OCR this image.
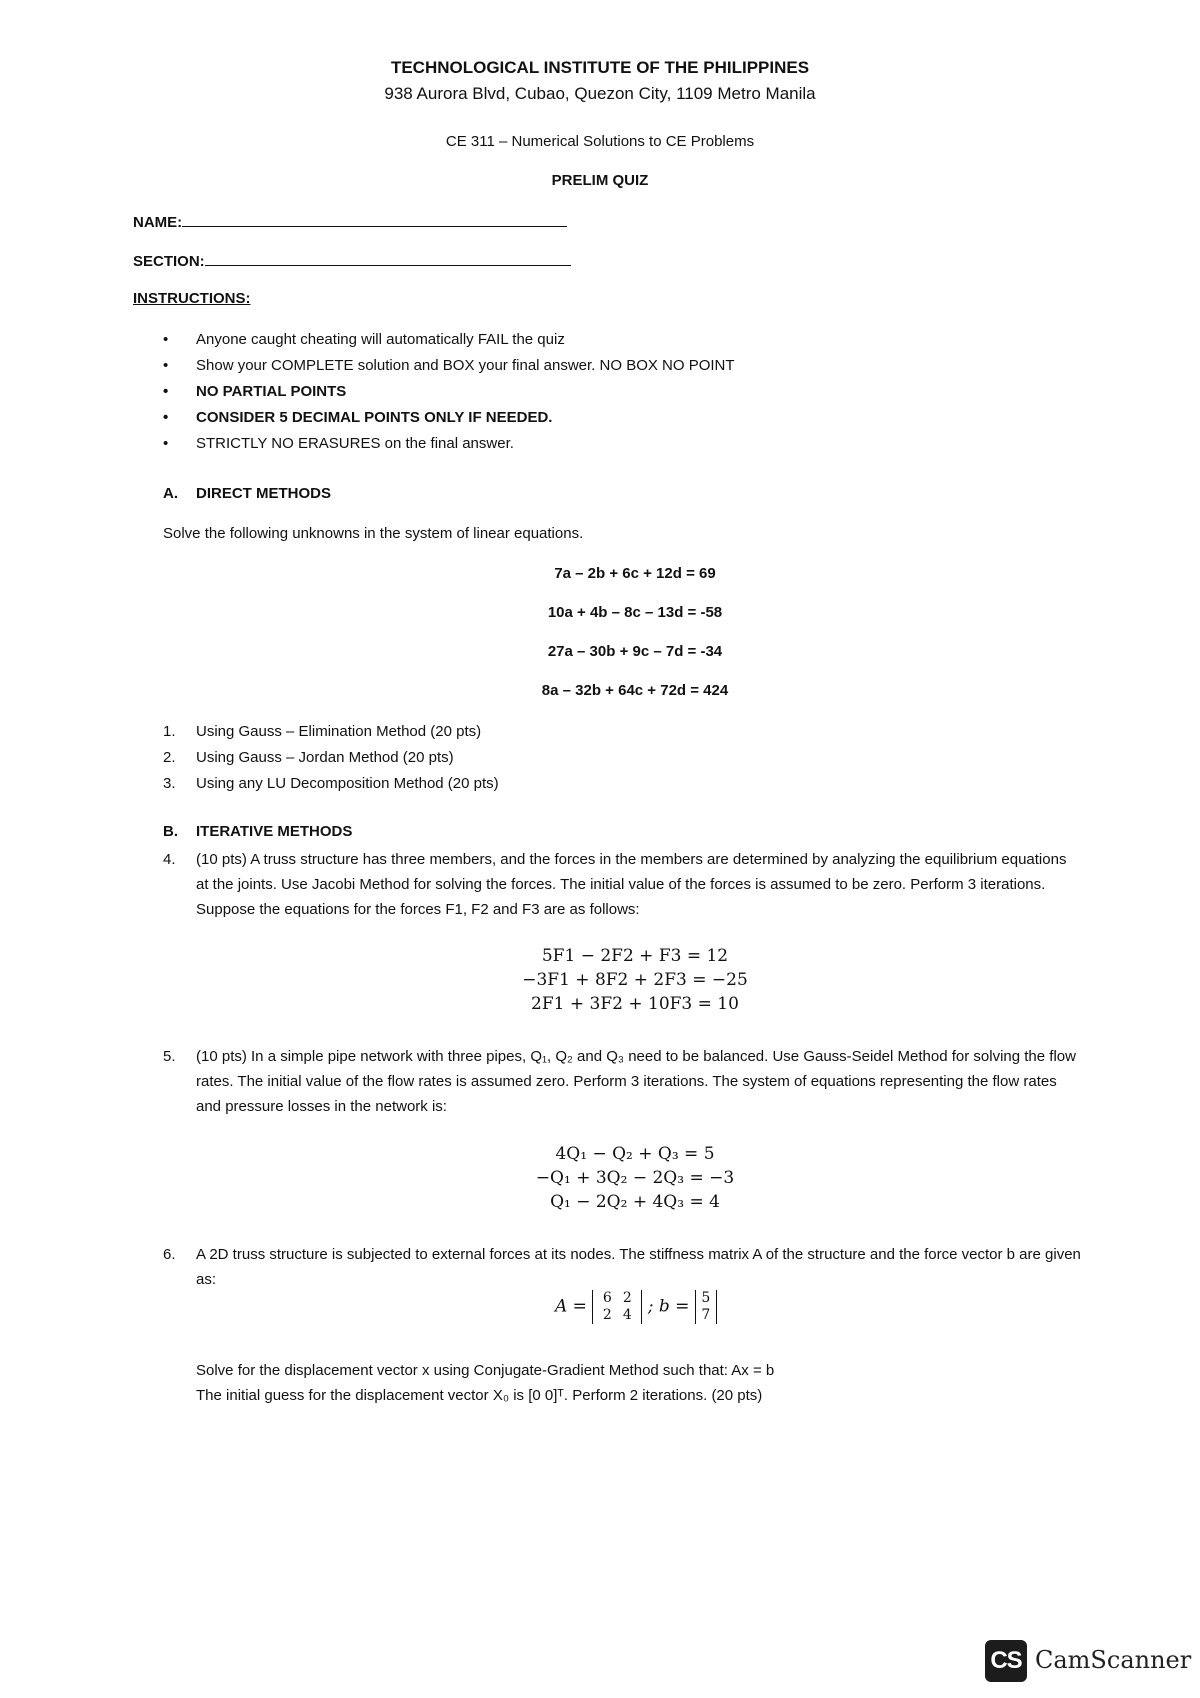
TECHNOLOGICAL INSTITUTE OF THE PHILIPPINES
938 Aurora Blvd, Cubao, Quezon City, 1109 Metro Manila
CE 311 – Numerical Solutions to CE Problems
PRELIM QUIZ
NAME:
SECTION:
INSTRUCTIONS:
• Anyone caught cheating will automatically FAIL the quiz
• Show your COMPLETE solution and BOX your final answer. NO BOX NO POINT
• NO PARTIAL POINTS
• CONSIDER 5 DECIMAL POINTS ONLY IF NEEDED.
• STRICTLY NO ERASURES on the final answer.
A. DIRECT METHODS
Solve the following unknowns in the system of linear equations.
7a – 2b + 6c + 12d = 69
10a + 4b – 8c – 13d = -58
27a – 30b + 9c – 7d = -34
8a – 32b + 64c + 72d = 424
1. Using Gauss – Elimination Method (20 pts)
2. Using Gauss – Jordan Method (20 pts)
3. Using any LU Decomposition Method (20 pts)
B. ITERATIVE METHODS
4. (10 pts) A truss structure has three members, and the forces in the members are determined by analyzing the equilibrium equations at the joints. Use Jacobi Method for solving the forces. The initial value of the forces is assumed to be zero. Perform 3 iterations. Suppose the equations for the forces F1, F2 and F3 are as follows:
5F1 − 2F2 + F3 = 12
−3F1 + 8F2 + 2F3 = −25
2F1 + 3F2 + 10F3 = 10
5. (10 pts) In a simple pipe network with three pipes, Q₁, Q₂ and Q₃ need to be balanced. Use Gauss-Seidel Method for solving the flow rates. The initial value of the flow rates is assumed zero. Perform 3 iterations. The system of equations representing the flow rates and pressure losses in the network is:
4Q₁ − Q₂ + Q₃ = 5
−Q₁ + 3Q₂ − 2Q₃ = −3
Q₁ − 2Q₂ + 4Q₃ = 4
6. A 2D truss structure is subjected to external forces at its nodes. The stiffness matrix A of the structure and the force vector b are given as:
A =	6 2
2 4 ; b = 5
7
Solve for the displacement vector x using Conjugate-Gradient Method such that: Ax = b
The initial guess for the displacement vector X₀ is [0 0]ᵀ. Perform 2 iterations. (20 pts)
CS CamScanner
